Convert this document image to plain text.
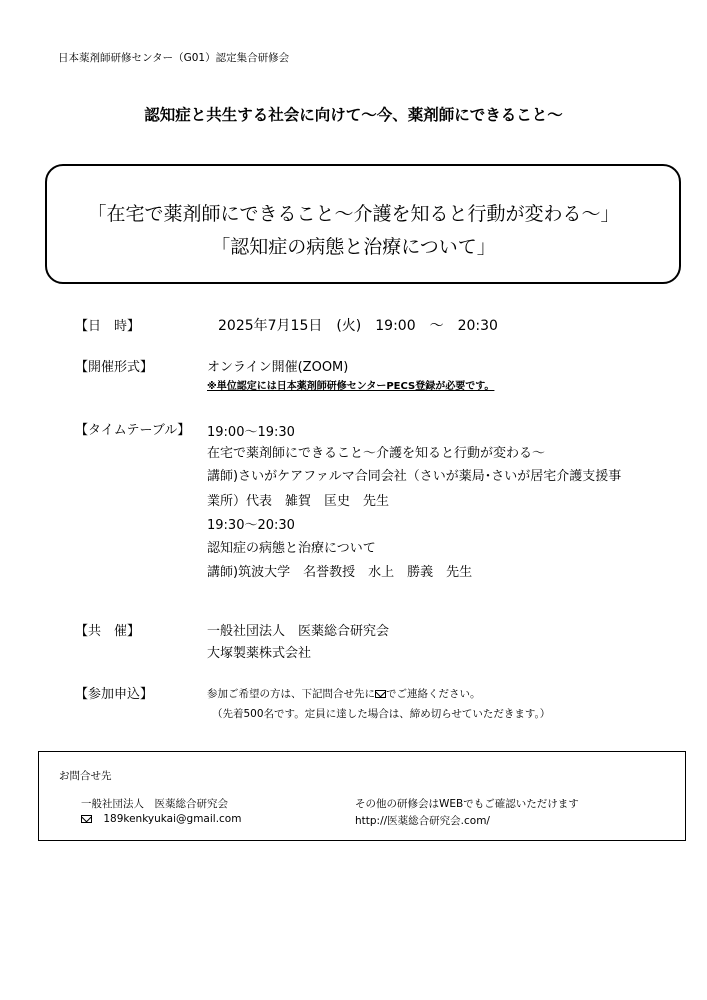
日本薬剤師研修センター（G01）認定集合研修会
認知症と共生する社会に向けて～今、薬剤師にできること～
「在宅で薬剤師にできること～介護を知ると行動が変わる～」
「認知症の病態と治療について」
【日　時】	2025年7月15日　(火)　19:00　～　20:30
【開催形式】	オンライン開催(ZOOM)
※単位認定には日本薬剤師研修センターPECS登録が必要です。
【タイムテーブル】 19:00～19:30
在宅で薬剤師にできること～介護を知ると行動が変わる～
講師)さいがケアファルマ合同会社（さいが薬局･さいが居宅介護支援事
業所）代表　雑賀　匡史　先生
19:30～20:30
認知症の病態と治療について
講師)筑波大学　名誉教授　水上　勝義　先生
【共　催】	一般社団法人　医薬総合研究会
大塚製薬株式会社
【参加申込】	参加ご希望の方は、下記問合せ先に でご連絡ください。
（先着500名です。定員に達した場合は、締め切らせていただきます。）
お問合せ先
一般社団法人　医薬総合研究会
189kenkyukai@gmail.com
その他の研修会はWEBでもご確認いただけます
http://医薬総合研究会.com/
